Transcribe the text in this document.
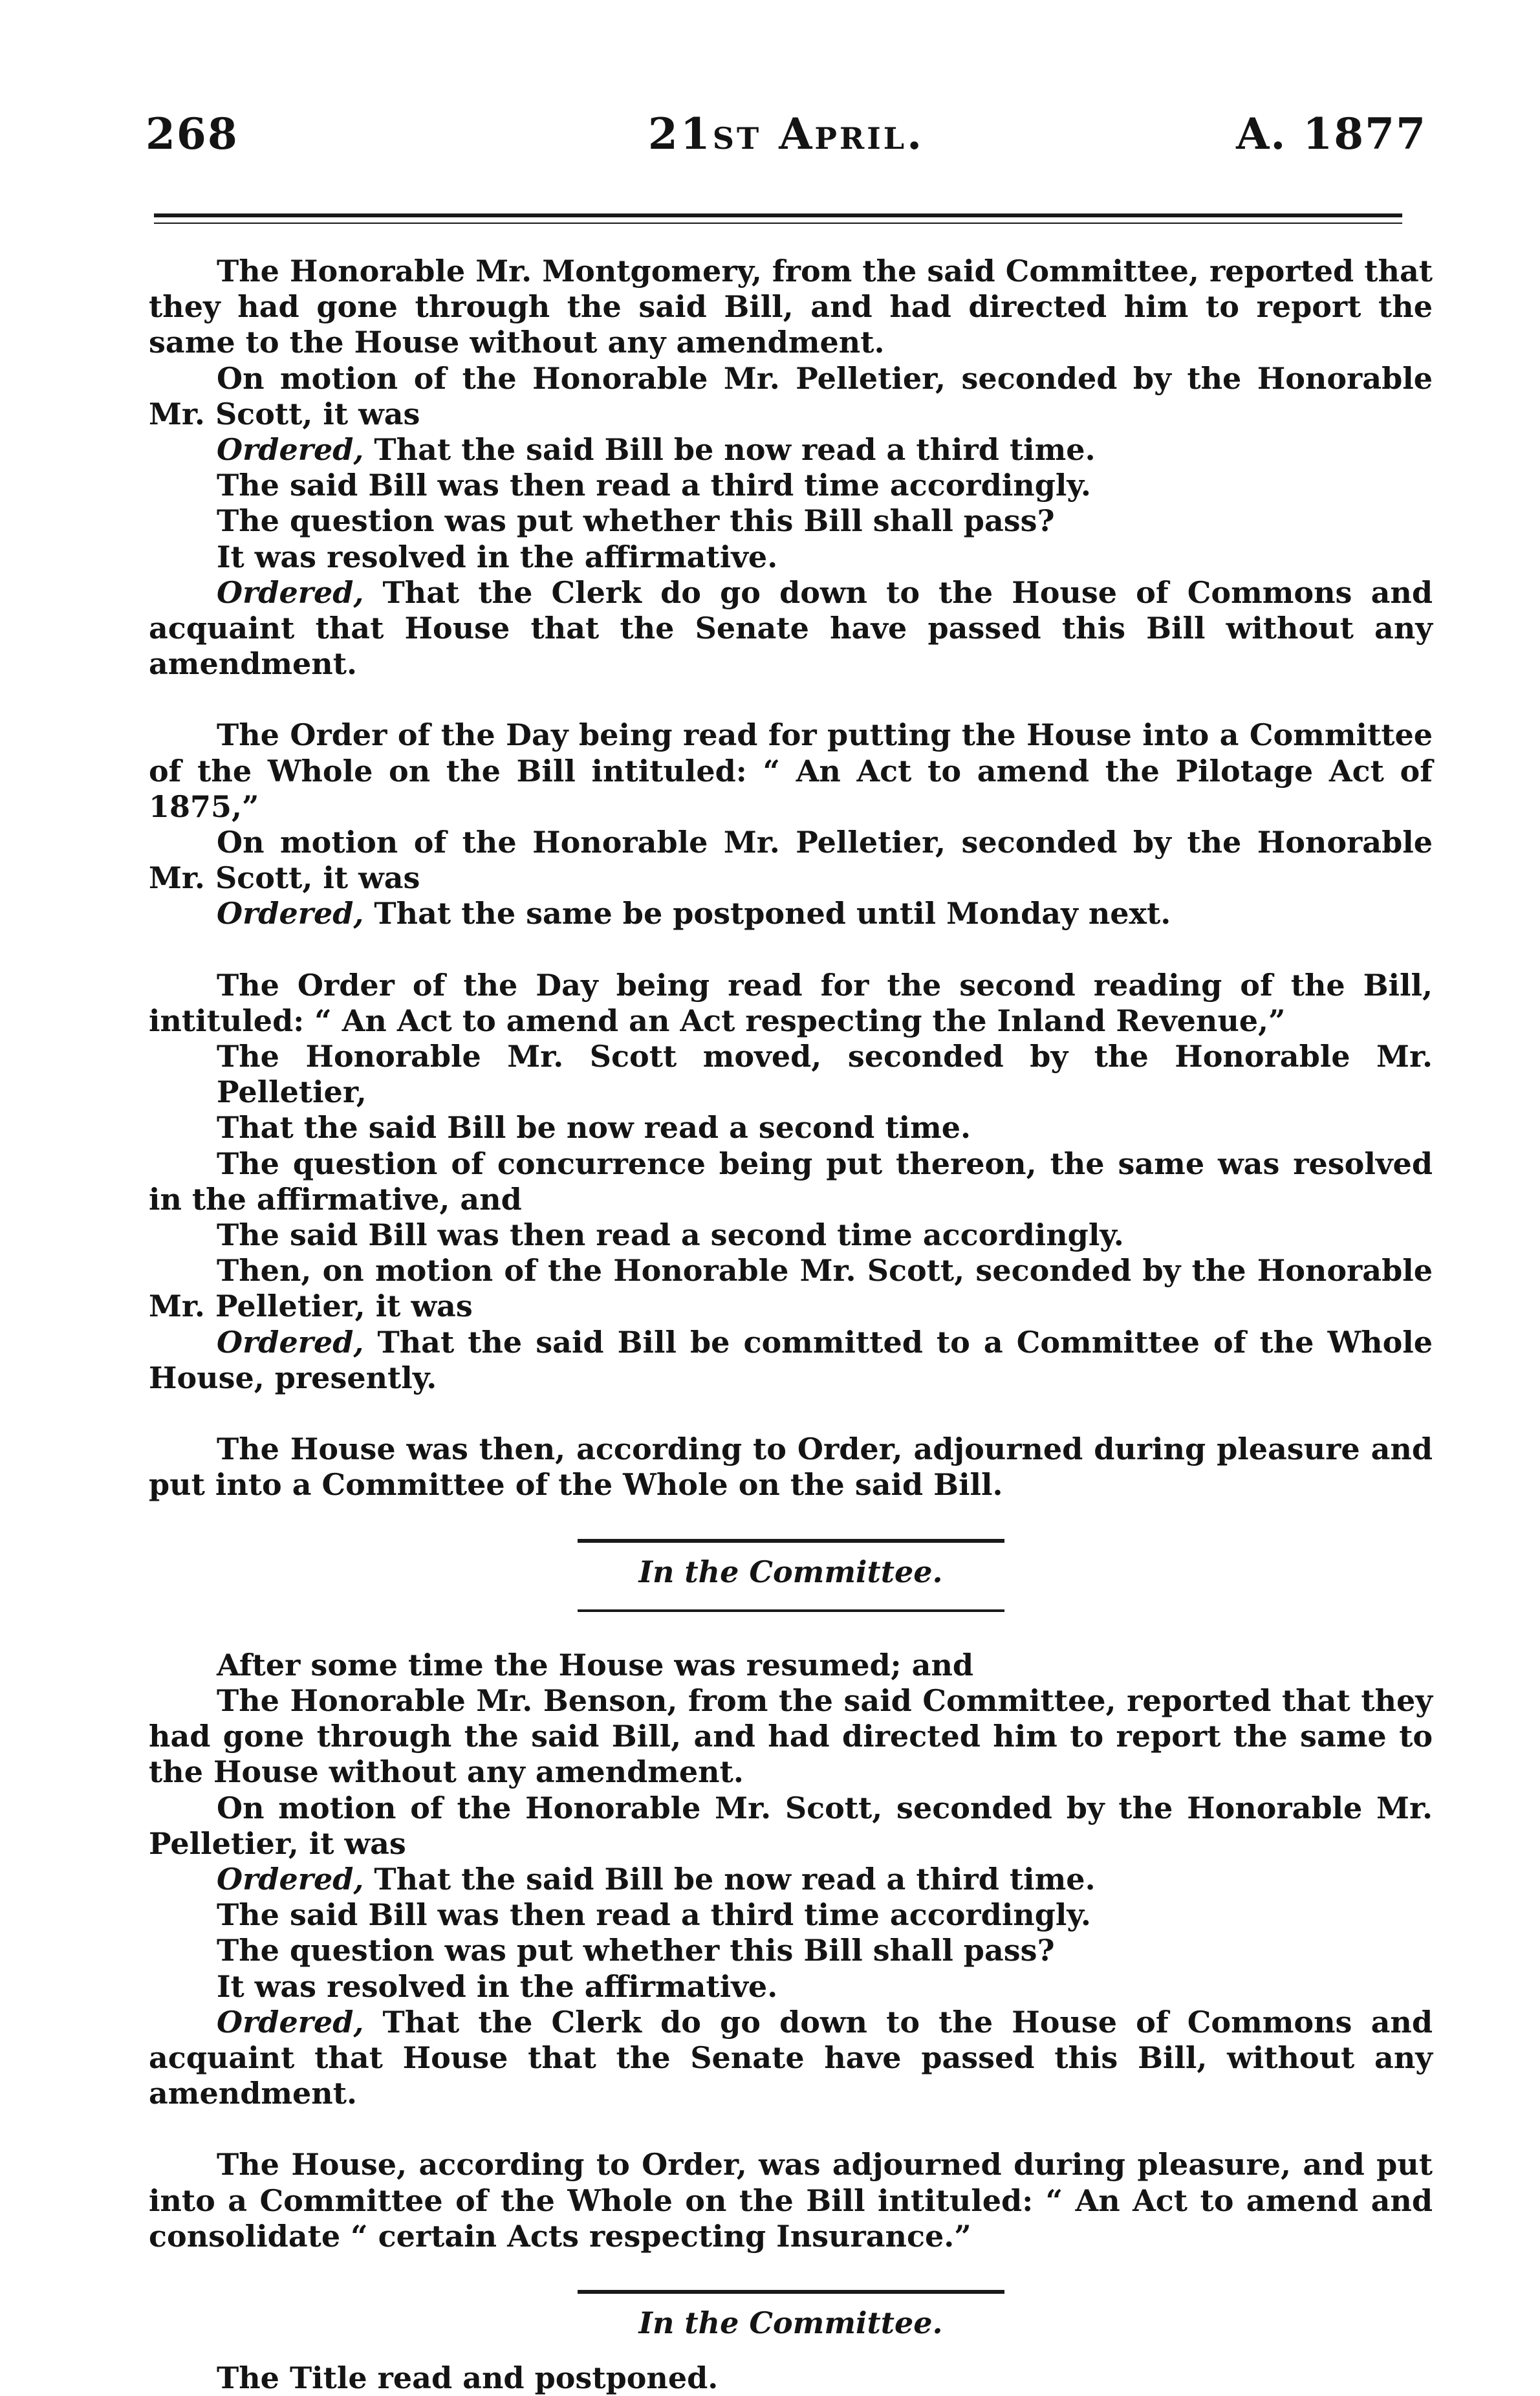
268	21st April.	A. 1877

The Honorable Mr. Montgomery, from the said Committee, reported that they had gone through the said Bill, and had directed him to report the same to the House without any amendment.

On motion of the Honorable Mr. Pelletier, seconded by the Honorable Mr. Scott, it was

Ordered, That the said Bill be now read a third time.

The said Bill was then read a third time accordingly.

The question was put whether this Bill shall pass?

It was resolved in the affirmative.

Ordered, That the Clerk do go down to the House of Commons and acquaint that House that the Senate have passed this Bill without any amendment.

The Order of the Day being read for putting the House into a Committee of the Whole on the Bill intituled: “ An Act to amend the Pilotage Act of 1875,”

On motion of the Honorable Mr. Pelletier, seconded by the Honorable Mr. Scott, it was

Ordered, That the same be postponed until Monday next.

The Order of the Day being read for the second reading of the Bill, intituled: “ An Act to amend an Act respecting the Inland Revenue,”

The Honorable Mr. Scott moved, seconded by the Honorable Mr. Pelletier,

That the said Bill be now read a second time.

The question of concurrence being put thereon, the same was resolved in the affirmative, and

The said Bill was then read a second time accordingly.

Then, on motion of the Honorable Mr. Scott, seconded by the Honorable Mr. Pelletier, it was

Ordered, That the said Bill be committed to a Committee of the Whole House, presently.

The House was then, according to Order, adjourned during pleasure and put into a Committee of the Whole on the said Bill.

In the Committee.

After some time the House was resumed; and

The Honorable Mr. Benson, from the said Committee, reported that they had gone through the said Bill, and had directed him to report the same to the House without any amendment.

On motion of the Honorable Mr. Scott, seconded by the Honorable Mr. Pelletier, it was

Ordered, That the said Bill be now read a third time.

The said Bill was then read a third time accordingly.

The question was put whether this Bill shall pass?

It was resolved in the affirmative.

Ordered, That the Clerk do go down to the House of Commons and acquaint that House that the Senate have passed this Bill, without any amendment.

The House, according to Order, was adjourned during pleasure, and put into a Committee of the Whole on the Bill intituled: “ An Act to amend and consolidate “ certain Acts respecting Insurance.”

In the Committee.

The Title read and postponed.
